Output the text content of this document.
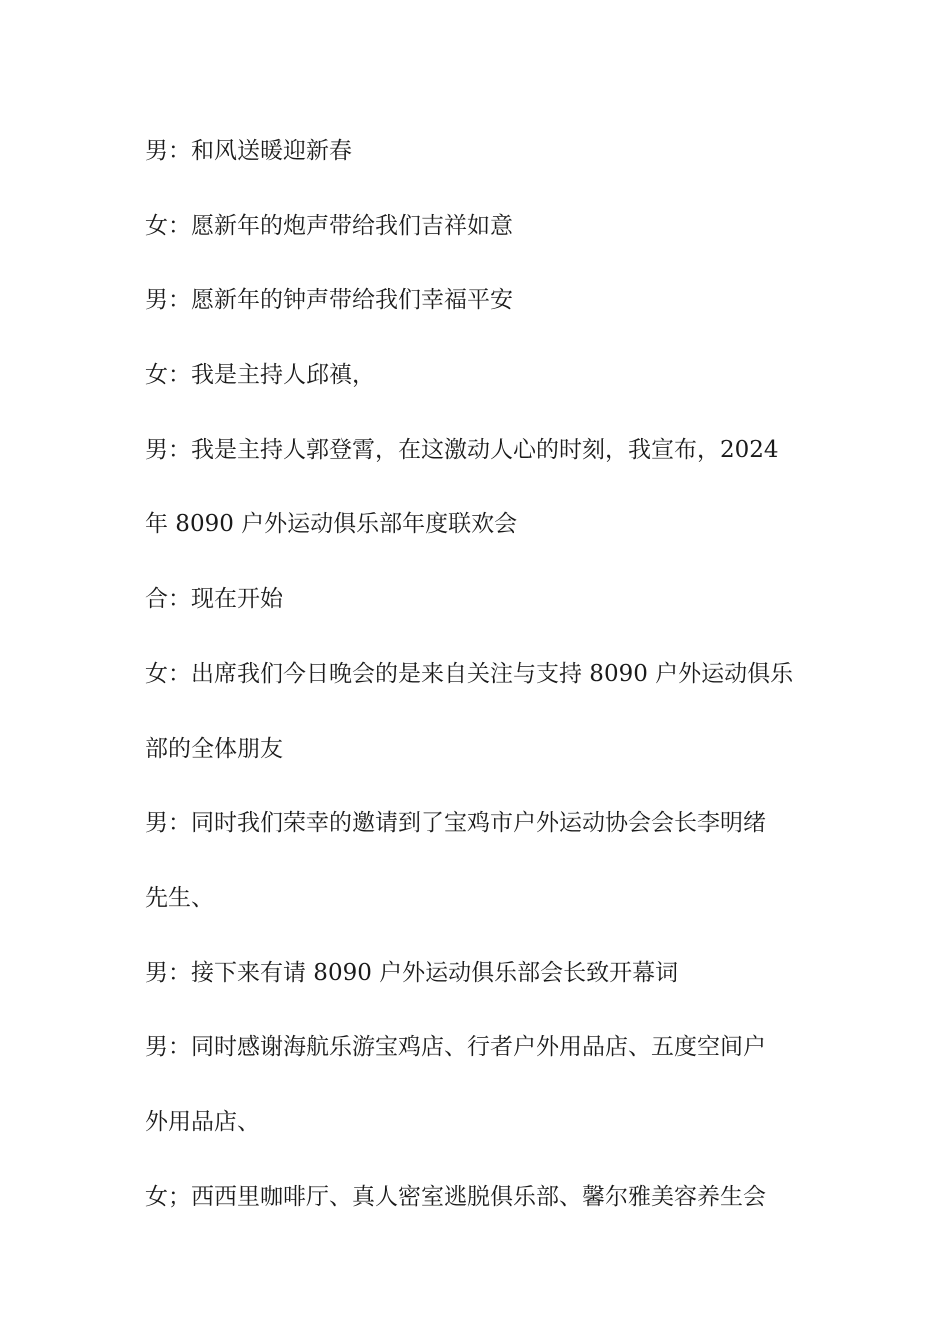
男：和风送暖迎新春
女：愿新年的炮声带给我们吉祥如意
男：愿新年的钟声带给我们幸福平安
女：我是主持人邱禛，
男：我是主持人郭登霄，在这激动人心的时刻，我宣布，2024
年 8090 户外运动俱乐部年度联欢会
合：现在开始
女：出席我们今日晚会的是来自关注与支持 8090 户外运动俱乐
部的全体朋友
男：同时我们荣幸的邀请到了宝鸡市户外运动协会会长李明绪
先生、
男：接下来有请 8090 户外运动俱乐部会长致开幕词
男：同时感谢海航乐游宝鸡店、行者户外用品店、五度空间户
外用品店、
女；西西里咖啡厅、真人密室逃脱俱乐部、馨尔雅美容养生会
